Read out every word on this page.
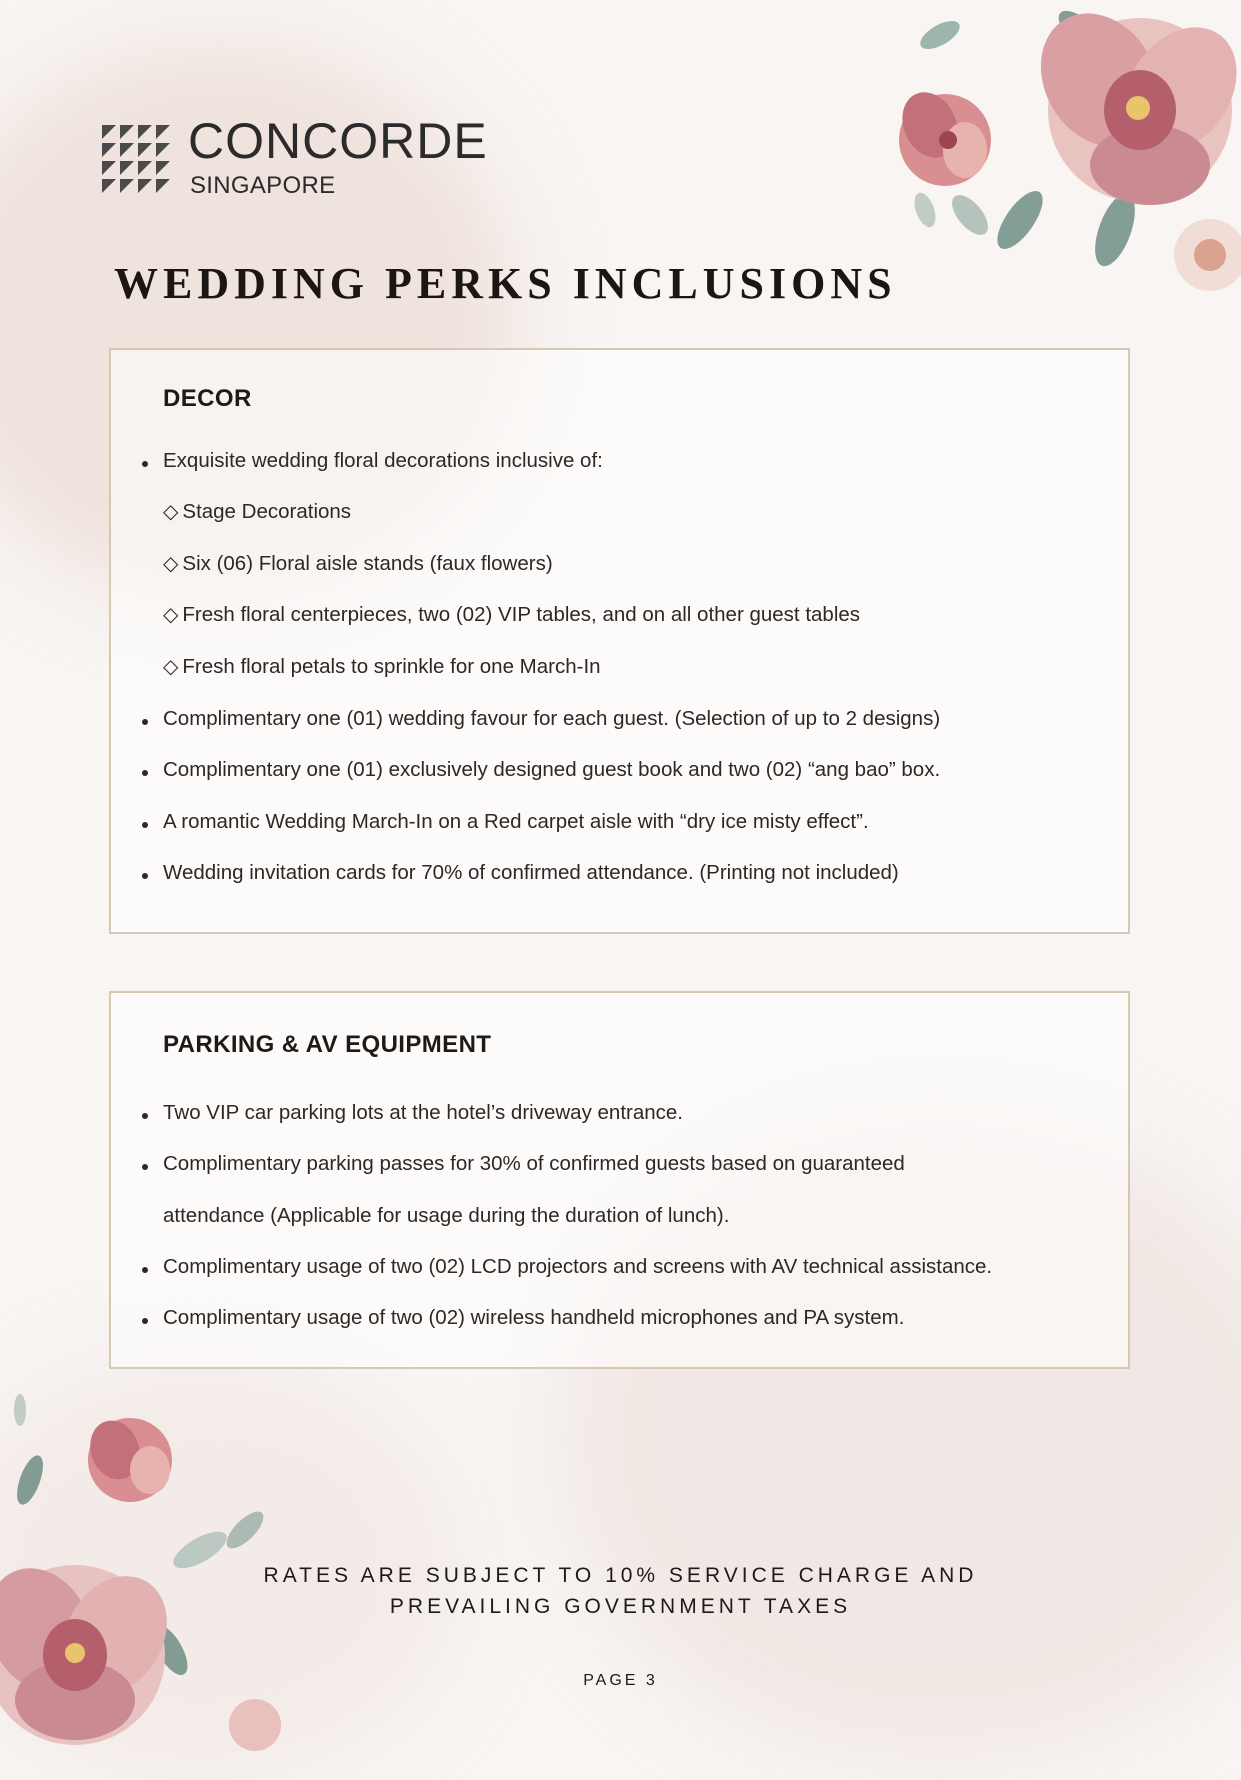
CONCORDE
SINGAPORE
WEDDING PERKS INCLUSIONS
DECOR
Exquisite wedding floral decorations inclusive of:
◇ Stage Decorations
◇ Six (06) Floral aisle stands (faux flowers)
◇ Fresh floral centerpieces, two (02) VIP tables, and on all other guest tables
◇ Fresh floral petals to sprinkle for one March-In
Complimentary one (01) wedding favour for each guest. (Selection of up to 2 designs)
Complimentary one (01) exclusively designed guest book and two (02) “ang bao” box.
A romantic Wedding March-In on a Red carpet aisle with “dry ice misty effect”.
Wedding invitation cards for 70% of confirmed attendance. (Printing not included)
PARKING & AV EQUIPMENT
Two VIP car parking lots at the hotel’s driveway entrance.
Complimentary parking passes for 30% of confirmed guests based on guaranteed
attendance (Applicable for usage during the duration of lunch).
Complimentary usage of two (02) LCD projectors and screens with AV technical assistance.
Complimentary usage of two (02) wireless handheld microphones and PA system.
RATES ARE SUBJECT TO 10% SERVICE CHARGE AND
PREVAILING GOVERNMENT TAXES
PAGE 3
